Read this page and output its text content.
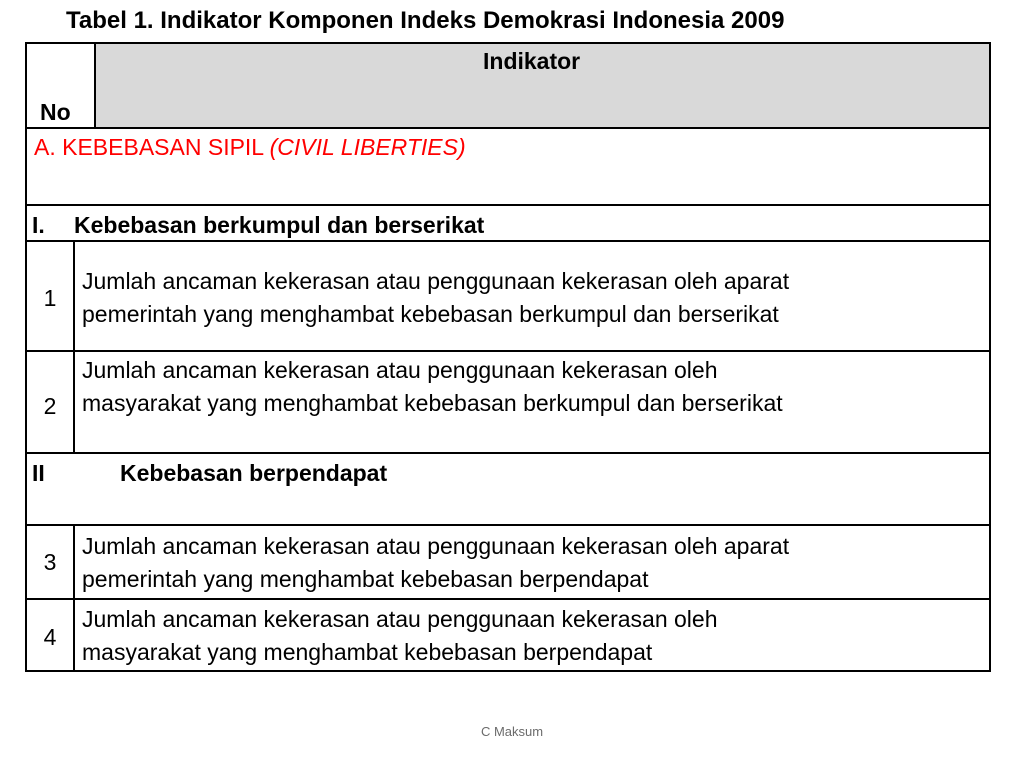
Tabel 1. Indikator Komponen Indeks Demokrasi Indonesia 2009
No
Indikator
A. KEBEBASAN SIPIL (CIVIL LIBERTIES)
I. Kebebasan berkumpul dan berserikat
1
Jumlah ancaman kekerasan atau penggunaan kekerasan oleh aparat
pemerintah yang menghambat kebebasan berkumpul dan berserikat
2
Jumlah ancaman kekerasan atau penggunaan kekerasan oleh
masyarakat yang menghambat kebebasan berkumpul dan berserikat
II	Kebebasan berpendapat
3
Jumlah ancaman kekerasan atau penggunaan kekerasan oleh aparat
pemerintah yang menghambat kebebasan berpendapat
4
Jumlah ancaman kekerasan atau penggunaan kekerasan oleh
masyarakat yang menghambat kebebasan berpendapat
C Maksum
